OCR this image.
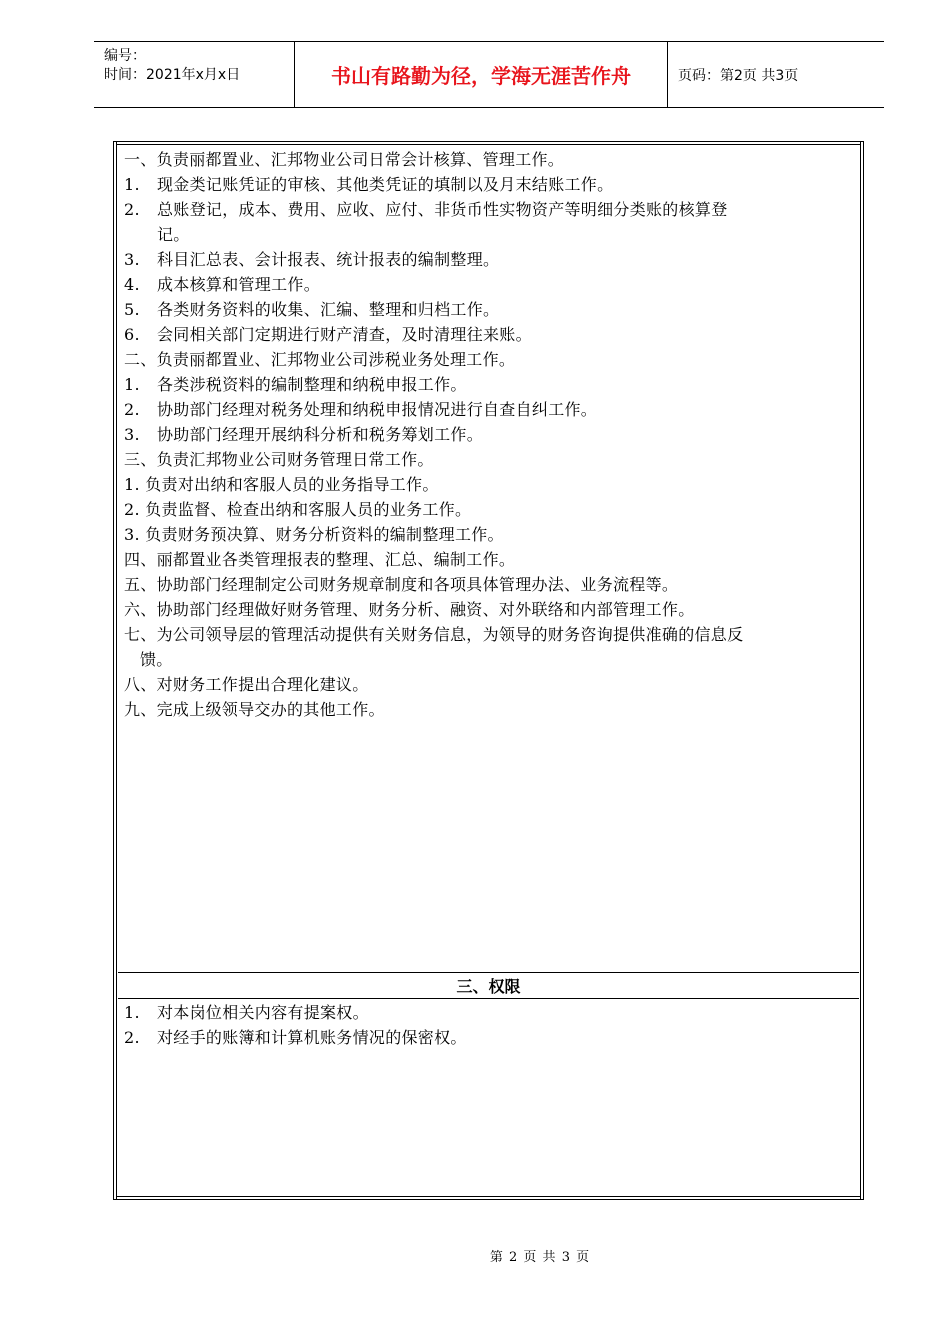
编号：
时间：2021年x月x日	书山有路勤为径，学海无涯苦作舟	页码：第2页 共3页
一、负责丽都置业、汇邦物业公司日常会计核算、管理工作。
1. 现金类记账凭证的审核、其他类凭证的填制以及月末结账工作。
2. 总账登记，成本、费用、应收、应付、非货币性实物资产等明细分类账的核算登
记。
3. 科目汇总表、会计报表、统计报表的编制整理。
4. 成本核算和管理工作。
5. 各类财务资料的收集、汇编、整理和归档工作。
6. 会同相关部门定期进行财产清查，及时清理往来账。
二、负责丽都置业、汇邦物业公司涉税业务处理工作。
1. 各类涉税资料的编制整理和纳税申报工作。
2. 协助部门经理对税务处理和纳税申报情况进行自查自纠工作。
3. 协助部门经理开展纳科分析和税务筹划工作。
三、负责汇邦物业公司财务管理日常工作。
1. 负责对出纳和客服人员的业务指导工作。
2. 负责监督、检查出纳和客服人员的业务工作。
3. 负责财务预决算、财务分析资料的编制整理工作。
四、丽都置业各类管理报表的整理、汇总、编制工作。
五、协助部门经理制定公司财务规章制度和各项具体管理办法、业务流程等。
六、协助部门经理做好财务管理、财务分析、融资、对外联络和内部管理工作。
七、为公司领导层的管理活动提供有关财务信息，为领导的财务咨询提供准确的信息反
馈。
八、对财务工作提出合理化建议。
九、完成上级领导交办的其他工作。
三、权限
1. 对本岗位相关内容有提案权。
2. 对经手的账簿和计算机账务情况的保密权。
第 2 页 共 3 页
